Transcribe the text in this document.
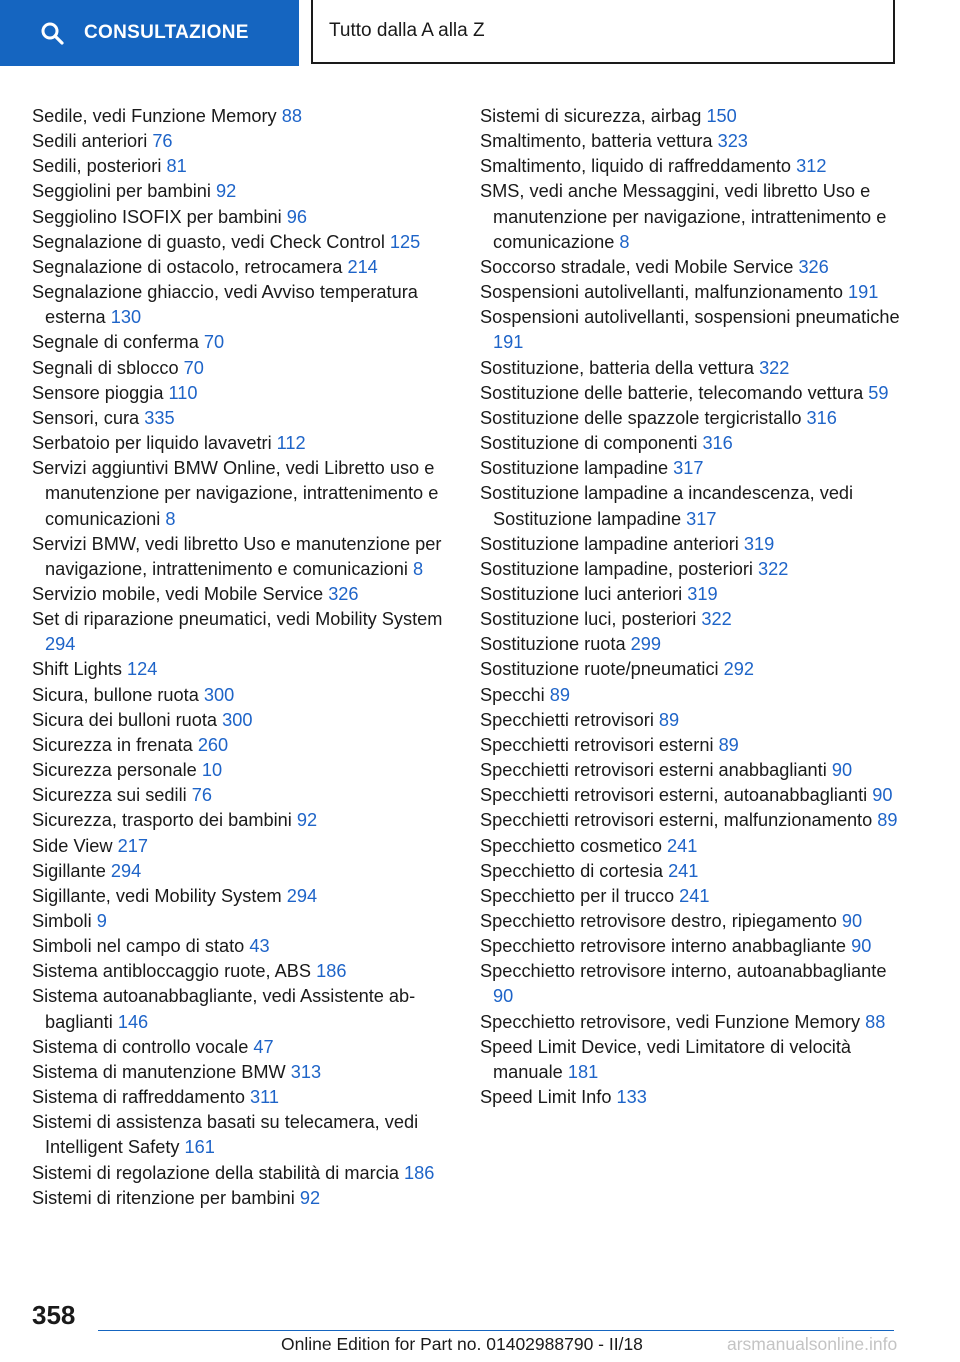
CONSULTAZIONE	Tutto dalla A alla Z
Sedile, vedi Funzione Memory 88
Sedili anteriori 76
Sedili, posteriori 81
Seggiolini per bambini 92
Seggiolino ISOFIX per bambini 96
Segnalazione di guasto, vedi Check Control 125
Segnalazione di ostacolo, retrocamera 214
Segnalazione ghiaccio, vedi Avviso temperatura esterna 130
Segnale di conferma 70
Segnali di sblocco 70
Sensore pioggia 110
Sensori, cura 335
Serbatoio per liquido lavavetri 112
Servizi aggiuntivi BMW Online, vedi Libretto uso e manutenzione per navigazione, intrattenimento e comunicazioni 8
Servizi BMW, vedi libretto Uso e manutenzione per navigazione, intrattenimento e comunicazioni 8
Servizio mobile, vedi Mobile Service 326
Set di riparazione pneumatici, vedi Mobility System 294
Shift Lights 124
Sicura, bullone ruota 300
Sicura dei bulloni ruota 300
Sicurezza in frenata 260
Sicurezza personale 10
Sicurezza sui sedili 76
Sicurezza, trasporto dei bambini 92
Side View 217
Sigillante 294
Sigillante, vedi Mobility System 294
Simboli 9
Simboli nel campo di stato 43
Sistema antibloccaggio ruote, ABS 186
Sistema autoanabbagliante, vedi Assistente abbaglianti 146
Sistema di controllo vocale 47
Sistema di manutenzione BMW 313
Sistema di raffreddamento 311
Sistemi di assistenza basati su telecamera, vedi Intelligent Safety 161
Sistemi di regolazione della stabilità di marcia 186
Sistemi di ritenzione per bambini 92
Sistemi di sicurezza, airbag 150
Smaltimento, batteria vettura 323
Smaltimento, liquido di raffreddamento 312
SMS, vedi anche Messaggini, vedi libretto Uso e manutenzione per navigazione, intrattenimento e comunicazione 8
Soccorso stradale, vedi Mobile Service 326
Sospensioni autolivellanti, malfunzionamento 191
Sospensioni autolivellanti, sospensioni pneumatiche 191
Sostituzione, batteria della vettura 322
Sostituzione delle batterie, telecomando vettura 59
Sostituzione delle spazzole tergicristallo 316
Sostituzione di componenti 316
Sostituzione lampadine 317
Sostituzione lampadine a incandescenza, vedi Sostituzione lampadine 317
Sostituzione lampadine anteriori 319
Sostituzione lampadine, posteriori 322
Sostituzione luci anteriori 319
Sostituzione luci, posteriori 322
Sostituzione ruota 299
Sostituzione ruote/pneumatici 292
Specchi 89
Specchietti retrovisori 89
Specchietti retrovisori esterni 89
Specchietti retrovisori esterni anabbaglianti 90
Specchietti retrovisori esterni, autoanabbaglianti 90
Specchietti retrovisori esterni, malfunzionamento 89
Specchietto cosmetico 241
Specchietto di cortesia 241
Specchietto per il trucco 241
Specchietto retrovisore destro, ripiegamento 90
Specchietto retrovisore interno anabbagliante 90
Specchietto retrovisore interno, autoanabbagliante 90
Specchietto retrovisore, vedi Funzione Memory 88
Speed Limit Device, vedi Limitatore di velocità manuale 181
Speed Limit Info 133
358
Online Edition for Part no. 01402988790 - II/18	arsmanualsonline.info
